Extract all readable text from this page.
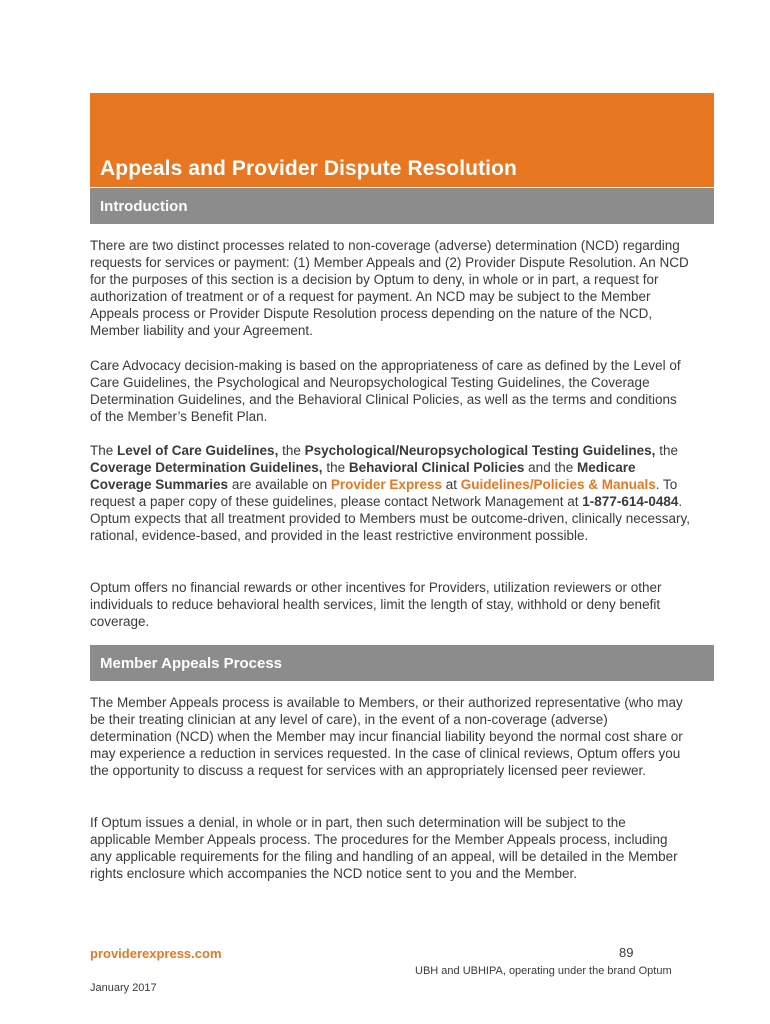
Appeals and Provider Dispute Resolution
Introduction

There are two distinct processes related to non-coverage (adverse) determination (NCD) regarding requests for services or payment: (1) Member Appeals and (2) Provider Dispute Resolution. An NCD for the purposes of this section is a decision by Optum to deny, in whole or in part, a request for authorization of treatment or of a request for payment. An NCD may be subject to the Member Appeals process or Provider Dispute Resolution process depending on the nature of the NCD, Member liability and your Agreement.

Care Advocacy decision-making is based on the appropriateness of care as defined by the Level of Care Guidelines, the Psychological and Neuropsychological Testing Guidelines, the Coverage Determination Guidelines, and the Behavioral Clinical Policies, as well as the terms and conditions of the Member’s Benefit Plan.

The Level of Care Guidelines, the Psychological/Neuropsychological Testing Guidelines, the Coverage Determination Guidelines, the Behavioral Clinical Policies and the Medicare Coverage Summaries are available on Provider Express at Guidelines/Policies & Manuals. To request a paper copy of these guidelines, please contact Network Management at 1-877-614-0484. Optum expects that all treatment provided to Members must be outcome-driven, clinically necessary, rational, evidence-based, and provided in the least restrictive environment possible.

Optum offers no financial rewards or other incentives for Providers, utilization reviewers or other individuals to reduce behavioral health services, limit the length of stay, withhold or deny benefit coverage.

Member Appeals Process

The Member Appeals process is available to Members, or their authorized representative (who may be their treating clinician at any level of care), in the event of a non-coverage (adverse) determination (NCD) when the Member may incur financial liability beyond the normal cost share or may experience a reduction in services requested. In the case of clinical reviews, Optum offers you the opportunity to discuss a request for services with an appropriately licensed peer reviewer.

If Optum issues a denial, in whole or in part, then such determination will be subject to the applicable Member Appeals process. The procedures for the Member Appeals process, including any applicable requirements for the filing and handling of an appeal, will be detailed in the Member rights enclosure which accompanies the NCD notice sent to you and the Member.

providerexpress.com	89
UBH and UBHIPA, operating under the brand Optum
January 2017
